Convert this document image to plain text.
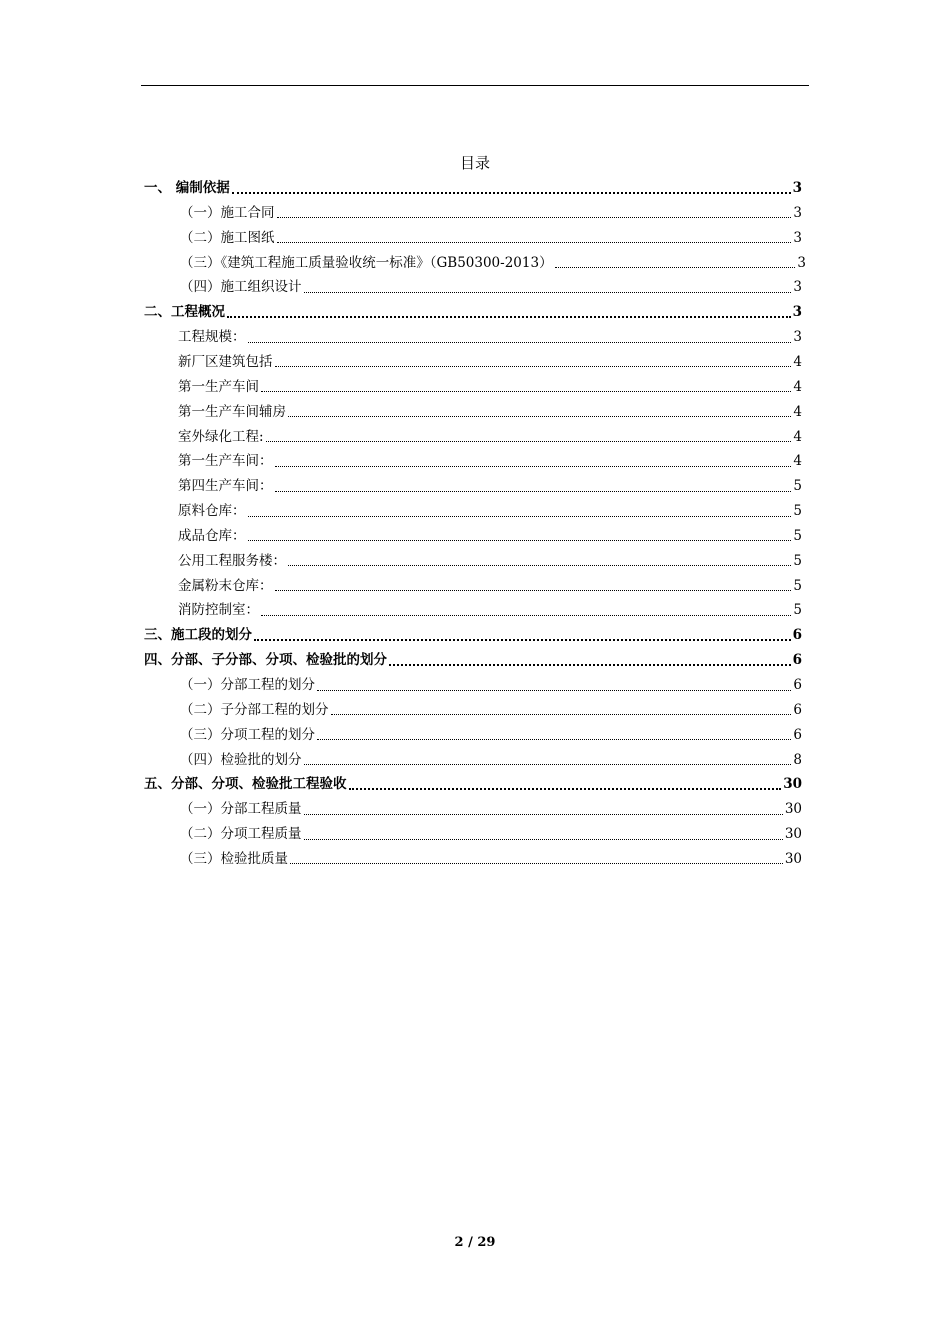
目录
一、 编制依据	3
（一）施工合同	3
（二）施工图纸	3
（三）《建筑工程施工质量验收统一标准》（GB50300-2013）	3
（四）施工组织设计	3
二、工程概况	3
工程规模：	3
新厂区建筑包括	4
第一生产车间	4
第一生产车间辅房	4
室外绿化工程:	4
第一生产车间：	4
第四生产车间：	5
原料仓库：	5
成品仓库：	5
公用工程服务楼：	5
金属粉末仓库：	5
消防控制室：	5
三、施工段的划分	6
四、分部、子分部、分项、检验批的划分	6
（一）分部工程的划分	6
（二）子分部工程的划分	6
（三）分项工程的划分	6
（四）检验批的划分	8
五、分部、分项、检验批工程验收	30
（一）分部工程质量	30
（二）分项工程质量	30
（三）检验批质量	30
2 / 29
